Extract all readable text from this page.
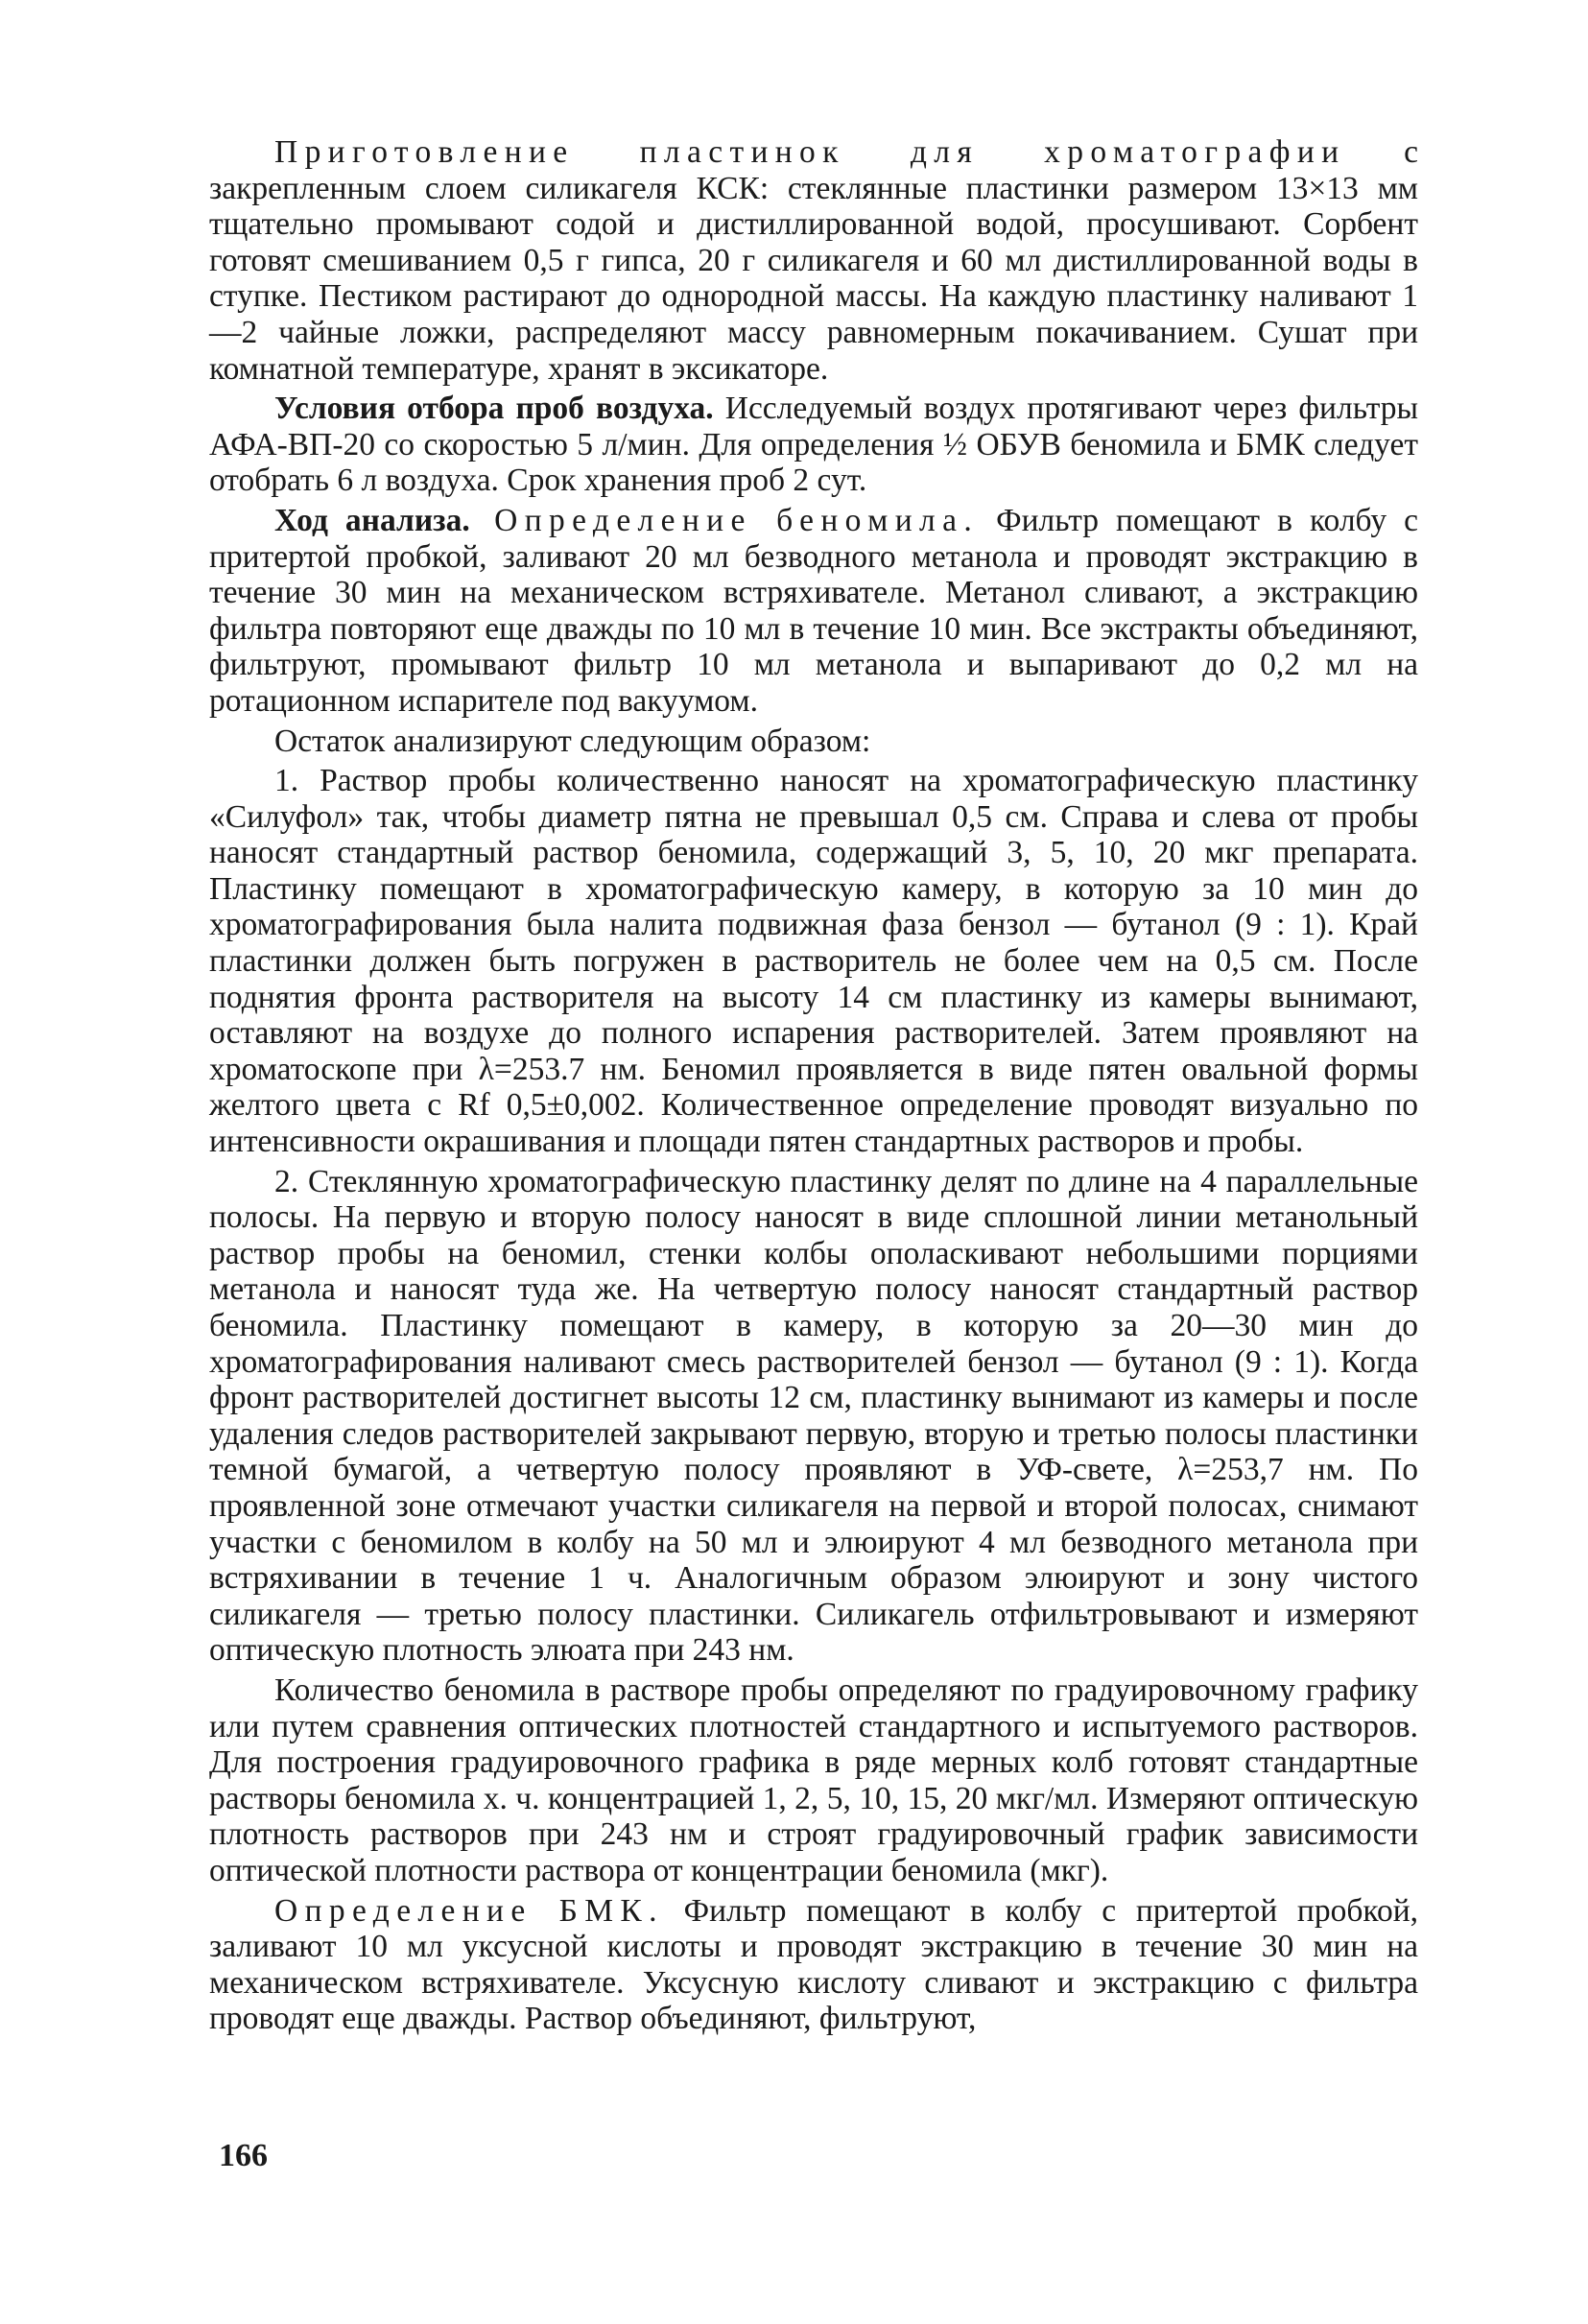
Приготовление пластинок для хроматографии с закрепленным слоем силикагеля КСК: стеклянные пластинки размером 13×13 мм тщательно промывают содой и дистиллированной водой, просушивают. Сорбент готовят смешиванием 0,5 г гипса, 20 г силикагеля и 60 мл дистиллированной воды в ступке. Пестиком растирают до однородной массы. На каждую пластинку наливают 1—2 чайные ложки, распределяют массу равномерным покачиванием. Сушат при комнатной температуре, хранят в эксикаторе.

Условия отбора проб воздуха. Исследуемый воздух протягивают через фильтры АФА-ВП-20 со скоростью 5 л/мин. Для определения ½ ОБУВ беномила и БМК следует отобрать 6 л воздуха. Срок хранения проб 2 сут.

Ход анализа. Определение беномила. Фильтр помещают в колбу с притертой пробкой, заливают 20 мл безводного метанола и проводят экстракцию в течение 30 мин на механическом встряхивателе. Метанол сливают, а экстракцию фильтра повторяют еще дважды по 10 мл в течение 10 мин. Все экстракты объединяют, фильтруют, промывают фильтр 10 мл метанола и выпаривают до 0,2 мл на ротационном испарителе под вакуумом.

Остаток анализируют следующим образом:

1. Раствор пробы количественно наносят на хроматографическую пластинку «Силуфол» так, чтобы диаметр пятна не превышал 0,5 см. Справа и слева от пробы наносят стандартный раствор беномила, содержащий 3, 5, 10, 20 мкг препарата. Пластинку помещают в хроматографическую камеру, в которую за 10 мин до хроматографирования была налита подвижная фаза бензол — бутанол (9 : 1). Край пластинки должен быть погружен в растворитель не более чем на 0,5 см. После поднятия фронта растворителя на высоту 14 см пластинку из камеры вынимают, оставляют на воздухе до полного испарения растворителей. Затем проявляют на хроматоскопе при λ=253.7 нм. Беномил проявляется в виде пятен овальной формы желтого цвета с Rf 0,5±0,002. Количественное определение проводят визуально по интенсивности окрашивания и площади пятен стандартных растворов и пробы.

2. Стеклянную хроматографическую пластинку делят по длине на 4 параллельные полосы. На первую и вторую полосу наносят в виде сплошной линии метанольный раствор пробы на беномил, стенки колбы ополаскивают небольшими порциями метанола и наносят туда же. На четвертую полосу наносят стандартный раствор беномила. Пластинку помещают в камеру, в которую за 20—30 мин до хроматографирования наливают смесь растворителей бензол — бутанол (9 : 1). Когда фронт растворителей достигнет высоты 12 см, пластинку вынимают из камеры и после удаления следов растворителей закрывают первую, вторую и третью полосы пластинки темной бумагой, а четвертую полосу проявляют в УФ-свете, λ=253,7 нм. По проявленной зоне отмечают участки силикагеля на первой и второй полосах, снимают участки с беномилом в колбу на 50 мл и элюируют 4 мл безводного метанола при встряхивании в течение 1 ч. Аналогичным образом элюируют и зону чистого силикагеля — третью полосу пластинки. Силикагель отфильтровывают и измеряют оптическую плотность элюата при 243 нм.

Количество беномила в растворе пробы определяют по градуировочному графику или путем сравнения оптических плотностей стандартного и испытуемого растворов. Для построения градуировочного графика в ряде мерных колб готовят стандартные растворы беномила х. ч. концентрацией 1, 2, 5, 10, 15, 20 мкг/мл. Измеряют оптическую плотность растворов при 243 нм и строят градуировочный график зависимости оптической плотности раствора от концентрации беномила (мкг).

Определение БМК. Фильтр помещают в колбу с притертой пробкой, заливают 10 мл уксусной кислоты и проводят экстракцию в течение 30 мин на механическом встряхивателе. Уксусную кислоту сливают и экстракцию с фильтра проводят еще дважды. Раствор объединяют, фильтруют,

166
